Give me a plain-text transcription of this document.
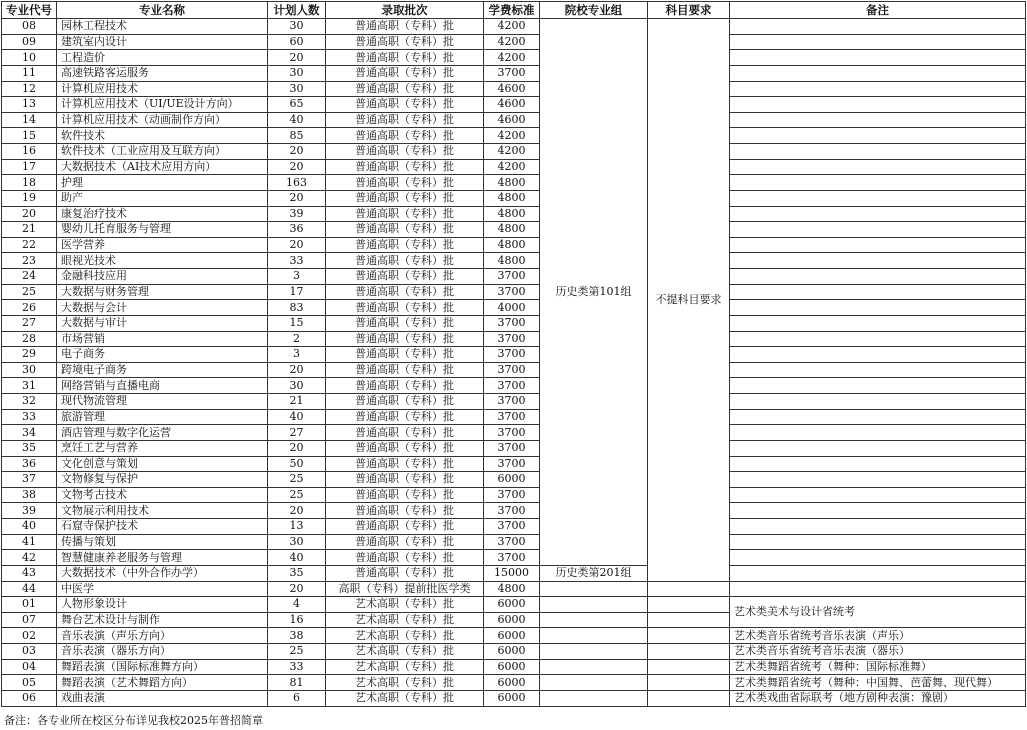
专业代号	专业名称	计划人数	录取批次	学费标准	院校专业组	科目要求	备注
08	园林工程技术	30	普通高职（专科）批	4200	历史类第101组	不提科目要求	
09	建筑室内设计	60	普通高职（专科）批	4200			
10	工程造价	20	普通高职（专科）批	4200			
11	高速铁路客运服务	30	普通高职（专科）批	3700			
12	计算机应用技术	30	普通高职（专科）批	4600			
13	计算机应用技术（UI/UE设计方向）	65	普通高职（专科）批	4600			
14	计算机应用技术（动画制作方向）	40	普通高职（专科）批	4600			
15	软件技术	85	普通高职（专科）批	4200			
16	软件技术（工业应用及互联方向）	20	普通高职（专科）批	4200			
17	大数据技术（AI技术应用方向）	20	普通高职（专科）批	4200			
18	护理	163	普通高职（专科）批	4800			
19	助产	20	普通高职（专科）批	4800			
20	康复治疗技术	39	普通高职（专科）批	4800			
21	婴幼儿托育服务与管理	36	普通高职（专科）批	4800			
22	医学营养	20	普通高职（专科）批	4800			
23	眼视光技术	33	普通高职（专科）批	4800			
24	金融科技应用	3	普通高职（专科）批	3700			
25	大数据与财务管理	17	普通高职（专科）批	3700			
26	大数据与会计	83	普通高职（专科）批	4000			
27	大数据与审计	15	普通高职（专科）批	3700			
28	市场营销	2	普通高职（专科）批	3700			
29	电子商务	3	普通高职（专科）批	3700			
30	跨境电子商务	20	普通高职（专科）批	3700			
31	网络营销与直播电商	30	普通高职（专科）批	3700			
32	现代物流管理	21	普通高职（专科）批	3700			
33	旅游管理	40	普通高职（专科）批	3700			
34	酒店管理与数字化运营	27	普通高职（专科）批	3700			
35	烹饪工艺与营养	20	普通高职（专科）批	3700			
36	文化创意与策划	50	普通高职（专科）批	3700			
37	文物修复与保护	25	普通高职（专科）批	6000			
38	文物考古技术	25	普通高职（专科）批	3700			
39	文物展示利用技术	20	普通高职（专科）批	3700			
40	石窟寺保护技术	13	普通高职（专科）批	3700			
41	传播与策划	30	普通高职（专科）批	3700			
42	智慧健康养老服务与管理	40	普通高职（专科）批	3700			
43	大数据技术（中外合作办学）	35	普通高职（专科）批	15000	历史类第201组		
44	中医学	20	高职（专科）提前批医学类	4800			
01	人物形象设计	4	艺术高职（专科）批	6000			艺术类美术与设计省统考
07	舞台艺术设计与制作	16	艺术高职（专科）批	6000			
02	音乐表演（声乐方向）	38	艺术高职（专科）批	6000			艺术类音乐省统考音乐表演（声乐）
03	音乐表演（器乐方向）	25	艺术高职（专科）批	6000			艺术类音乐省统考音乐表演（器乐）
04	舞蹈表演（国际标准舞方向）	33	艺术高职（专科）批	6000			艺术类舞蹈省统考（舞种：国际标准舞）
05	舞蹈表演（艺术舞蹈方向）	81	艺术高职（专科）批	6000			艺术类舞蹈省统考（舞种：中国舞、芭蕾舞、现代舞）
06	戏曲表演	6	艺术高职（专科）批	6000			艺术类戏曲省际联考（地方剧种表演：豫剧）
备注：各专业所在校区分布详见我校2025年普招简章
